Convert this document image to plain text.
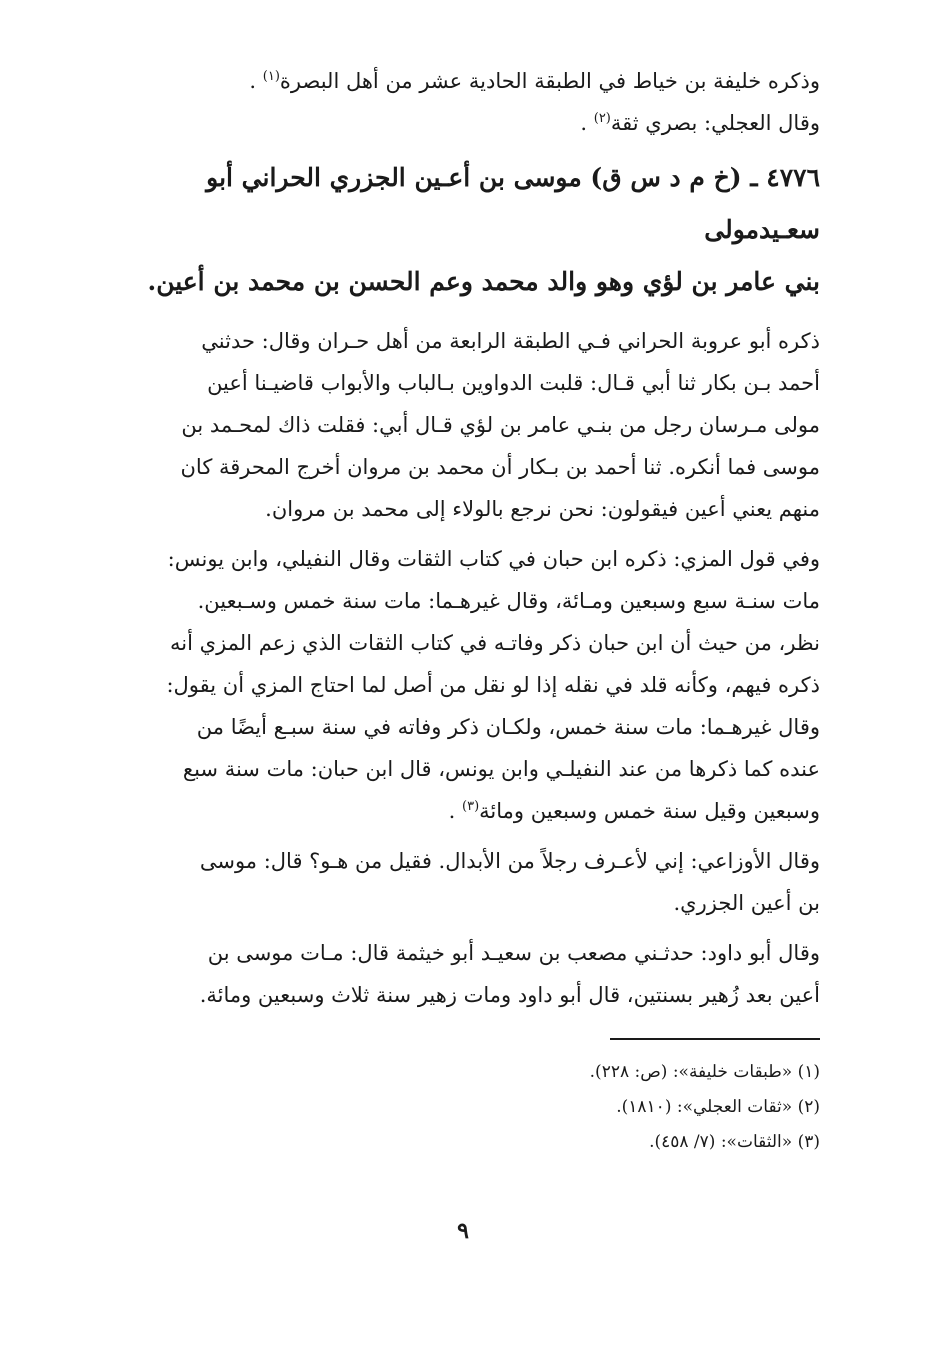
وذكره خليفة بن خياط في الطبقة الحادية عشر من أهل البصرة$^{(١)}$ .
وقال العجلي: بصري ثقة$^{(٢)}$ .

٤٧٧٦ ـ (خ م د س ق) موسى بن أعـين الجزري الحراني أبو سعـيدمولى
بني عامر بن لؤي وهو والد محمد وعم الحسن بن محمد بن أعين.

ذكره أبو عروبة الحراني فـي الطبقة الرابعة من أهل حـران وقال: حدثني
أحمد بـن بكار ثنا أبي قـال: قلبت الدواوين بـالباب والأبواب قاضيـنا أعين
مولى مـرسان رجل من بنـي عامر بن لؤي قـال أبي: فقلت ذاك لمحـمد بن
موسى فما أنكره. ثنا أحمد بن بـكار أن محمد بن مروان أخرج المحرقة كان
منهم يعني أعين فيقولون: نحن نرجع بالولاء إلى محمد بن مروان.

وفي قول المزي: ذكره ابن حبان في كتاب الثقات وقال النفيلي، وابن يونس:
مات سنـة سبع وسبعين ومـائة، وقال غيرهـما: مات سنة خمس وسـبعين.
نظر، من حيث أن ابن حبان ذكر وفاتـه في كتاب الثقات الذي زعم المزي أنه
ذكره فيهم، وكأنه قلد في نقله إذا لو نقل من أصل لما احتاج المزي أن يقول:
وقال غيرهـما: مات سنة خمس، ولكـان ذكر وفاته في سنة سبـع أيضًا من
عنده كما ذكرها من عند النفيلـي وابن يونس، قال ابن حبان: مات سنة سبع
وسبعين وقيل سنة خمس وسبعين ومائة$^{(٣)}$ .

وقال الأوزاعي: إني لأعـرف رجلاً من الأبدال. فقيل من هـو؟ قال: موسى
بن أعين الجزري.

وقال أبو داود: حدثـني مصعب بن سعيـد أبو خيثمة قال: مـات موسى بن
أعين بعد زُهير بسنتين، قال أبو داود ومات زهير سنة ثلاث وسبعين ومائة.

(١) «طبقات خليفة»: (ص: ٢٢٨).
(٢) «ثقات العجلي»: (١٨١٠).
(٣) «الثقات»: (٧/ ٤٥٨).
٩
